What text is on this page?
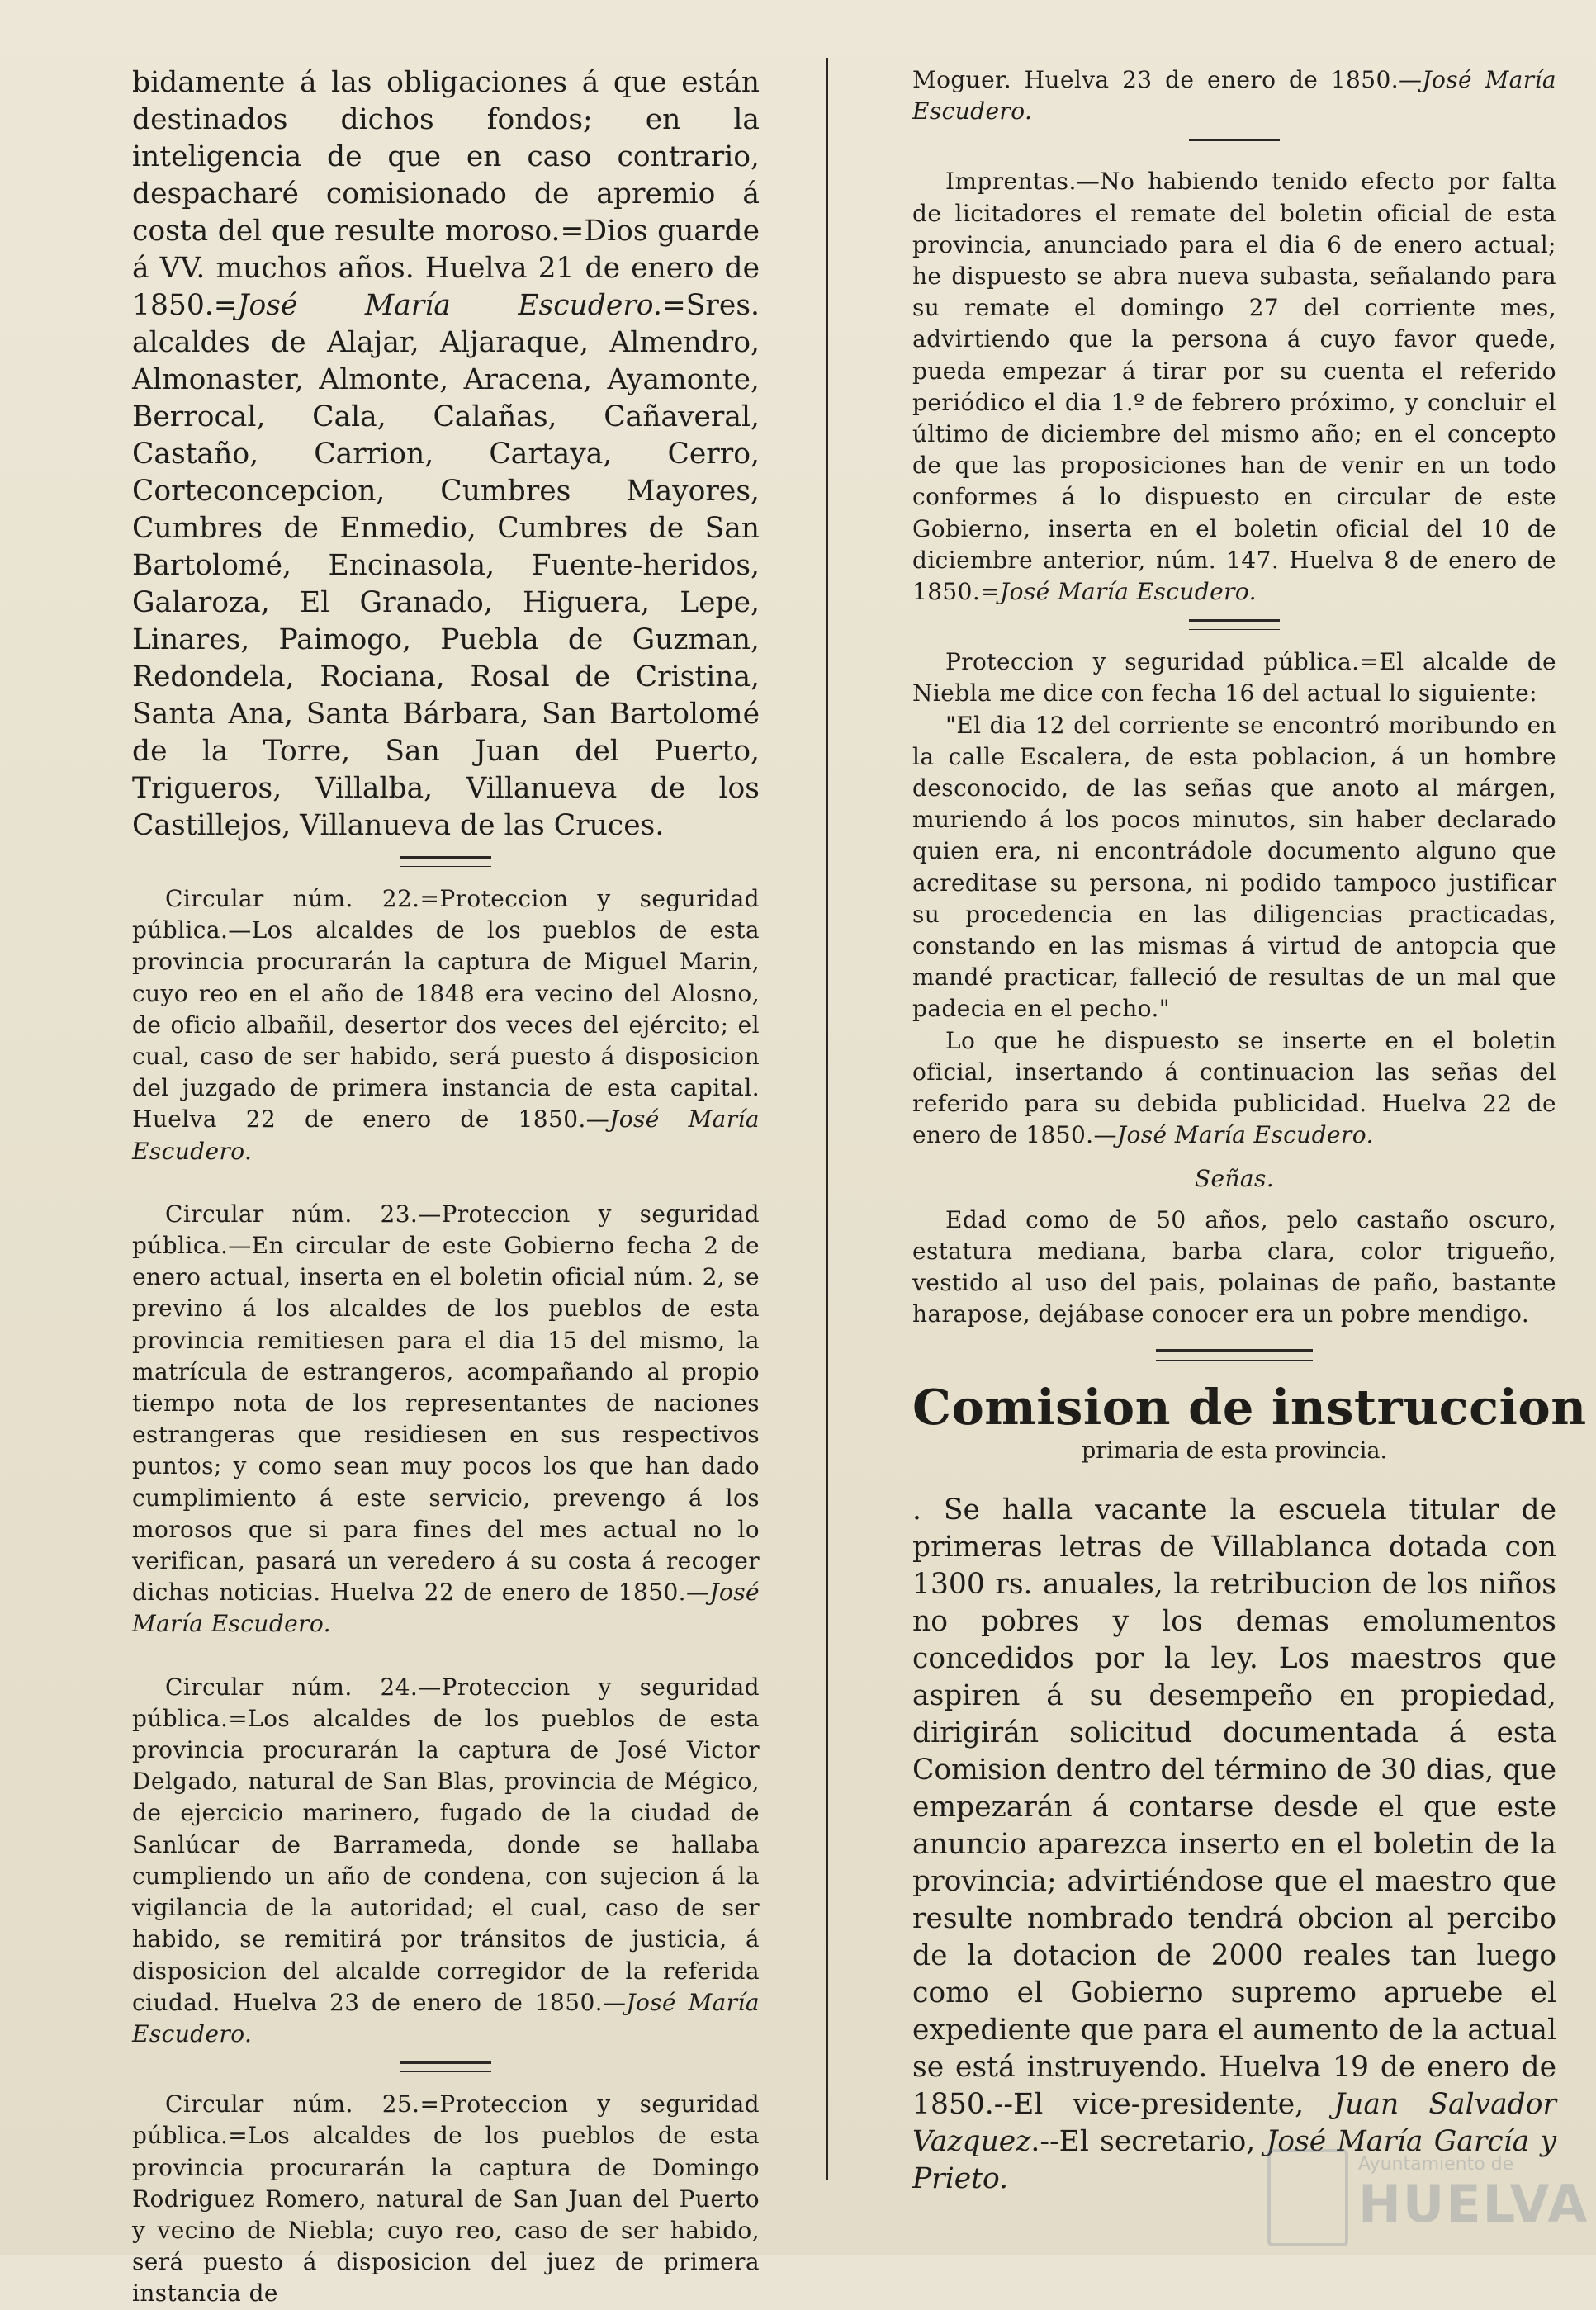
bidamente á las obligaciones á que están destinados dichos fondos; en la inteligencia de que en caso contrario, despacharé comisionado de apremio á costa del que resulte moroso.=Dios guarde á VV. muchos años. Huelva 21 de enero de 1850.=José María Escudero.=Sres. alcaldes de Alajar, Aljaraque, Almendro, Almonaster, Almonte, Aracena, Ayamonte, Berrocal, Cala, Calañas, Cañaveral, Castaño, Carrion, Cartaya, Cerro, Corteconcepcion, Cumbres Mayores, Cumbres de Enmedio, Cumbres de San Bartolomé, Encinasola, Fuente-heridos, Galaroza, El Granado, Higuera, Lepe, Linares, Paimogo, Puebla de Guzman, Redondela, Rociana, Rosal de Cristina, Santa Ana, Santa Bárbara, San Bartolomé de la Torre, San Juan del Puerto, Trigueros, Villalba, Villanueva de los Castillejos, Villanueva de las Cruces.

Circular núm. 22.=Proteccion y seguridad pública.—Los alcaldes de los pueblos de esta provincia procurarán la captura de Miguel Marin, cuyo reo en el año de 1848 era vecino del Alosno, de oficio albañil, desertor dos veces del ejército; el cual, caso de ser habido, será puesto á disposicion del juzgado de primera instancia de esta capital. Huelva 22 de enero de 1850.—José María Escudero.

Circular núm. 23.—Proteccion y seguridad pública.—En circular de este Gobierno fecha 2 de enero actual, inserta en el boletin oficial núm. 2, se previno á los alcaldes de los pueblos de esta provincia remitiesen para el dia 15 del mismo, la matrícula de estrangeros, acompañando al propio tiempo nota de los representantes de naciones estrangeras que residiesen en sus respectivos puntos; y como sean muy pocos los que han dado cumplimiento á este servicio, prevengo á los morosos que si para fines del mes actual no lo verifican, pasará un veredero á su costa á recoger dichas noticias. Huelva 22 de enero de 1850.—José María Escudero.

Circular núm. 24.—Proteccion y seguridad pública.=Los alcaldes de los pueblos de esta provincia procurarán la captura de José Victor Delgado, natural de San Blas, provincia de Mégico, de ejercicio marinero, fugado de la ciudad de Sanlúcar de Barrameda, donde se hallaba cumpliendo un año de condena, con sujecion á la vigilancia de la autoridad; el cual, caso de ser habido, se remitirá por tránsitos de justicia, á disposicion del alcalde corregidor de la referida ciudad. Huelva 23 de enero de 1850.—José María Escudero.

Circular núm. 25.=Proteccion y seguridad pública.=Los alcaldes de los pueblos de esta provincia procurarán la captura de Domingo Rodriguez Romero, natural de San Juan del Puerto y vecino de Niebla; cuyo reo, caso de ser habido, será puesto á disposicion del juez de primera instancia de

Moguer. Huelva 23 de enero de 1850.—José María Escudero.

Imprentas.—No habiendo tenido efecto por falta de licitadores el remate del boletin oficial de esta provincia, anunciado para el dia 6 de enero actual; he dispuesto se abra nueva subasta, señalando para su remate el domingo 27 del corriente mes, advirtiendo que la persona á cuyo favor quede, pueda empezar á tirar por su cuenta el referido periódico el dia 1.º de febrero próximo, y concluir el último de diciembre del mismo año; en el concepto de que las proposiciones han de venir en un todo conformes á lo dispuesto en circular de este Gobierno, inserta en el boletin oficial del 10 de diciembre anterior, núm. 147. Huelva 8 de enero de 1850.=José María Escudero.

Proteccion y seguridad pública.=El alcalde de Niebla me dice con fecha 16 del actual lo siguiente:

"El dia 12 del corriente se encontró moribundo en la calle Escalera, de esta poblacion, á un hombre desconocido, de las señas que anoto al márgen, muriendo á los pocos minutos, sin haber declarado quien era, ni encontrádole documento alguno que acreditase su persona, ni podido tampoco justificar su procedencia en las diligencias practicadas, constando en las mismas á virtud de antopcia que mandé practicar, falleció de resultas de un mal que padecia en el pecho."

Lo que he dispuesto se inserte en el boletin oficial, insertando á continuacion las señas del referido para su debida publicidad. Huelva 22 de enero de 1850.—José María Escudero.

Señas.

Edad como de 50 años, pelo castaño oscuro, estatura mediana, barba clara, color trigueño, vestido al uso del pais, polainas de paño, bastante harapose, dejábase conocer era un pobre mendigo.

Comision de instruccion
primaria de esta provincia.

. Se halla vacante la escuela titular de primeras letras de Villablanca dotada con 1300 rs. anuales, la retribucion de los niños no pobres y los demas emolumentos concedidos por la ley. Los maestros que aspiren á su desempeño en propiedad, dirigirán solicitud documentada á esta Comision dentro del término de 30 dias, que empezarán á contarse desde el que este anuncio aparezca inserto en el boletin de la provincia; advirtiéndose que el maestro que resulte nombrado tendrá obcion al percibo de la dotacion de 2000 reales tan luego como el Gobierno supremo apruebe el expediente que para el aumento de la actual se está instruyendo. Huelva 19 de enero de 1850.--El vice-presidente, Juan Salvador Vazquez.--El secretario, José María García y Prieto.	Ayuntamiento de
HUELVA
